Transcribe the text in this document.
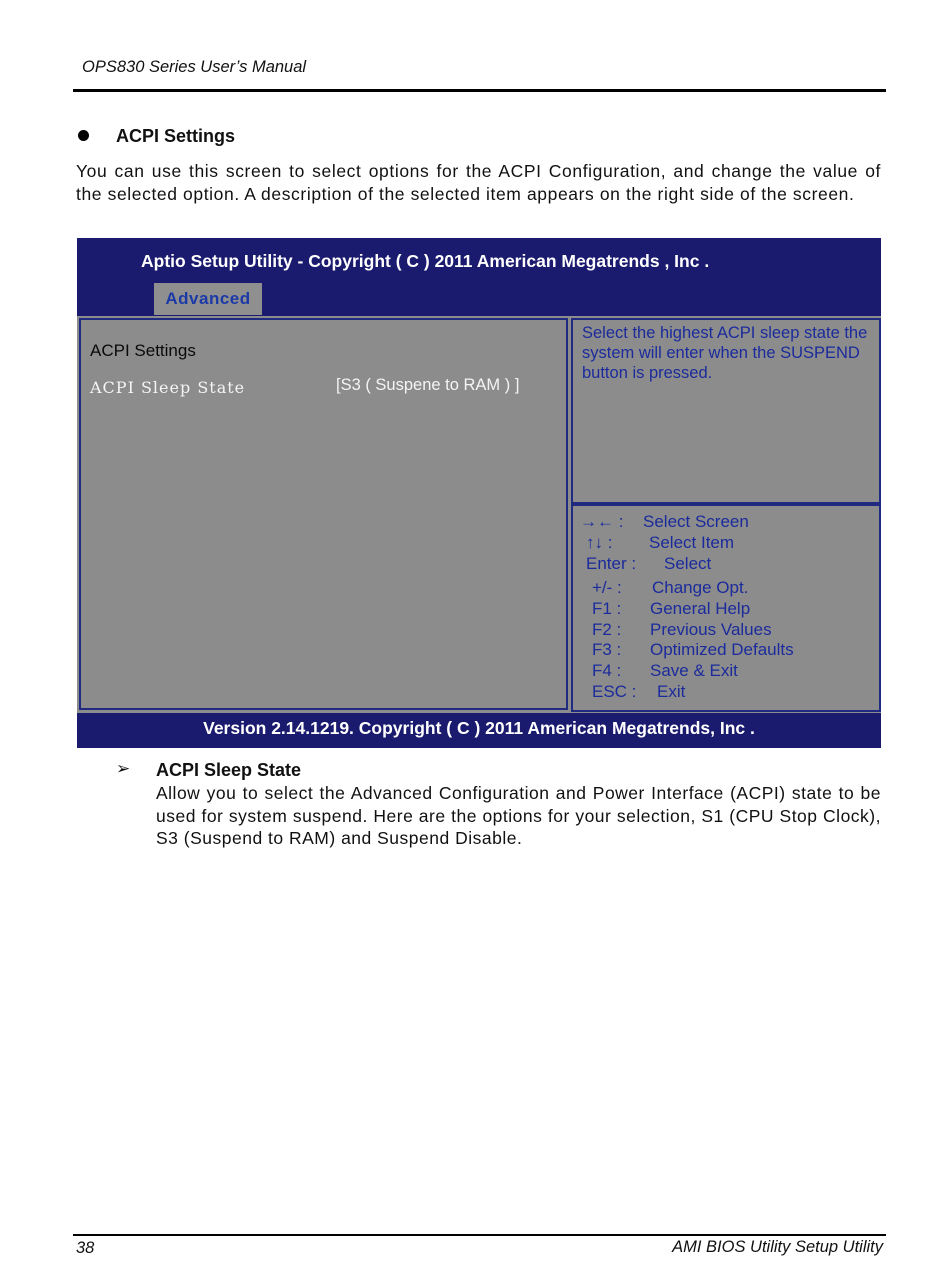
OPS830 Series User’s Manual
ACPI Settings
You can use this screen to select options for the ACPI Configuration, and change the value of the selected option. A description of the selected item appears on the right side of the screen.
Aptio Setup Utility - Copyright ( C ) 2011 American Megatrends , Inc .
Advanced
ACPI Settings
ACPI Sleep State	[S3 ( Suspene to RAM ) ]
Select the highest ACPI sleep state the system will enter when the SUSPEND button is pressed.
→← : Select Screen
↑↓ : Select Item
Enter : Select
+/- : Change Opt.
F1 : General Help
F2 : Previous Values
F3 : Optimized Defaults
F4 : Save & Exit
ESC : Exit
Version 2.14.1219. Copyright ( C ) 2011 American Megatrends, Inc .
➢ ACPI Sleep State
Allow you to select the Advanced Configuration and Power Interface (ACPI) state to be used for system suspend. Here are the options for your selection, S1 (CPU Stop Clock), S3 (Suspend to RAM) and Suspend Disable.
38	AMI BIOS Utility Setup Utility
